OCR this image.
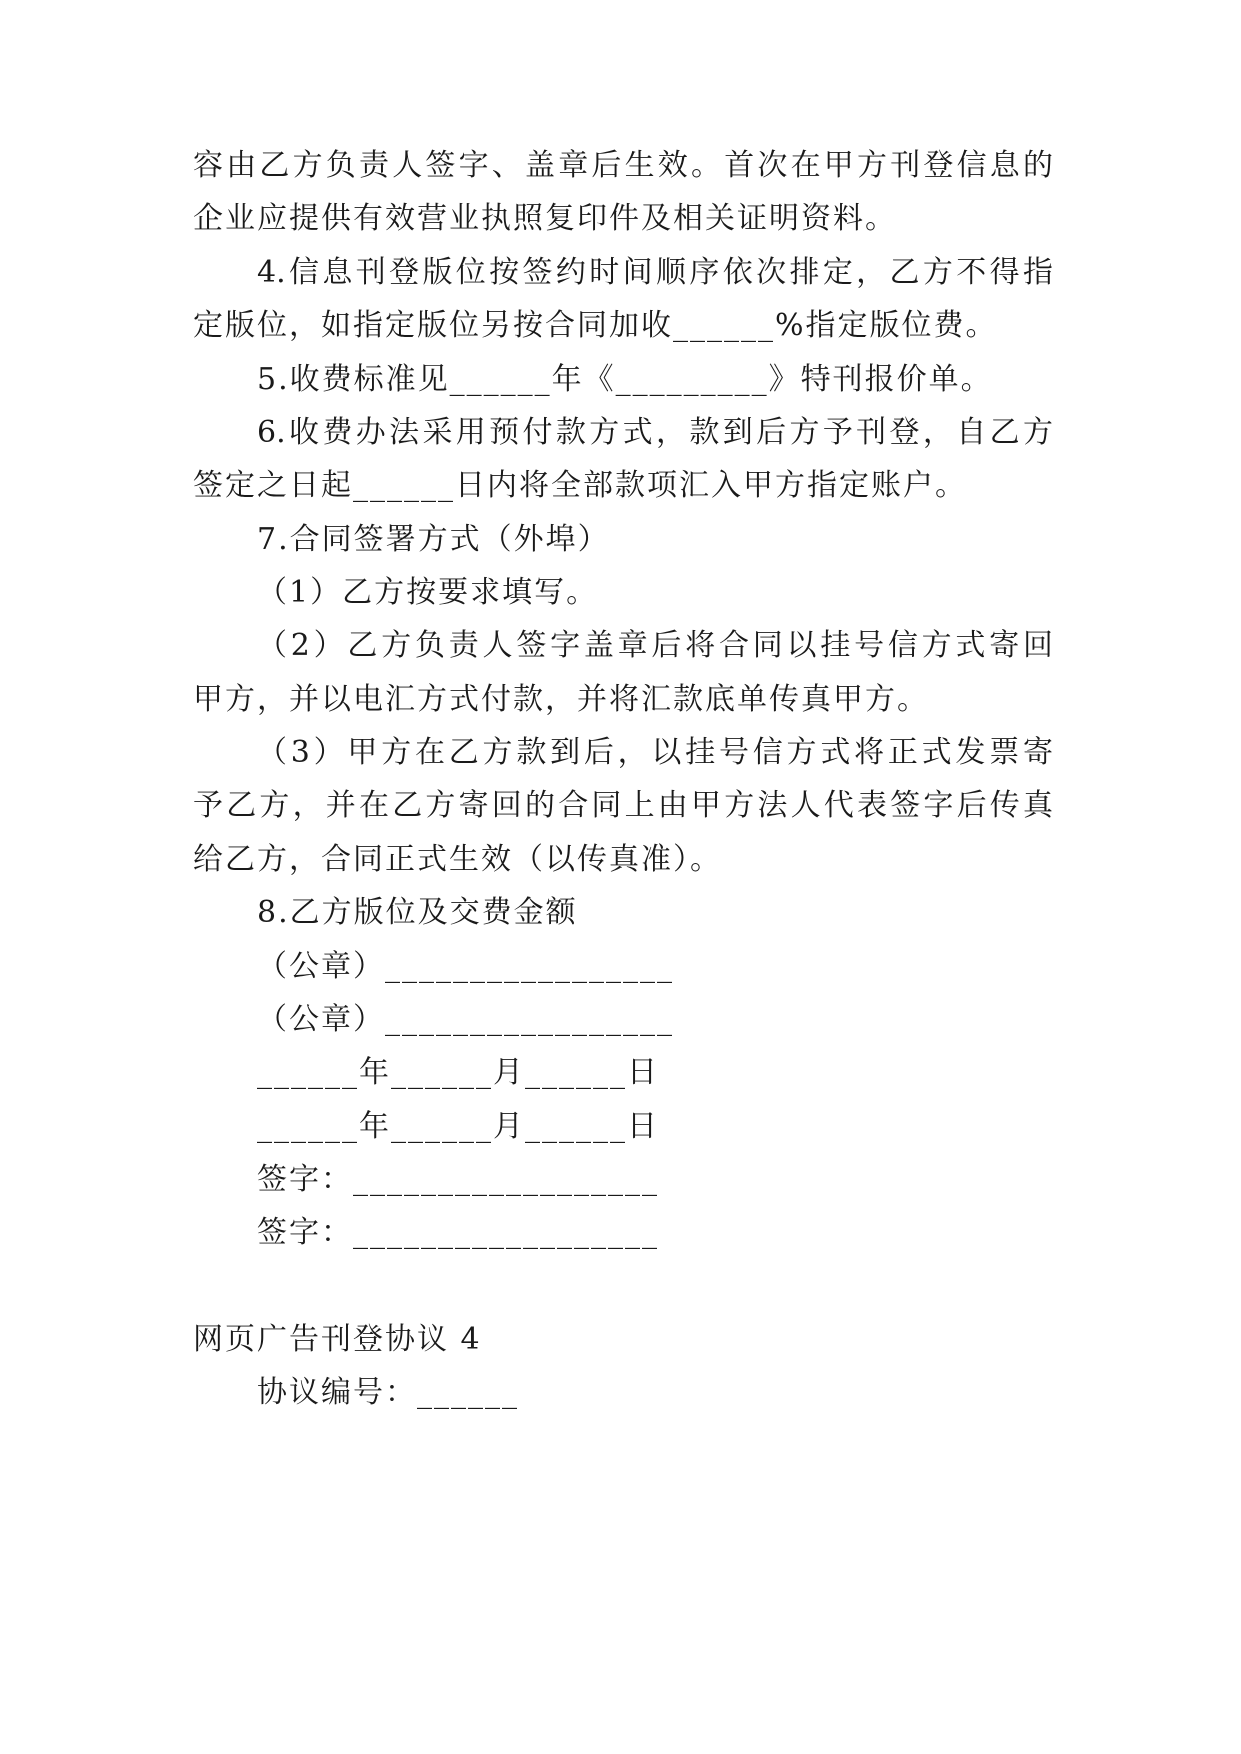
容由乙方负责人签字、盖章后生效。首次在甲方刊登信息的
企业应提供有效营业执照复印件及相关证明资料。
4.信息刊登版位按签约时间顺序依次排定，乙方不得指
定版位，如指定版位另按合同加收______%指定版位费。
5.收费标准见______年《_________》特刊报价单。
6.收费办法采用预付款方式，款到后方予刊登，自乙方
签定之日起______日内将全部款项汇入甲方指定账户。
7.合同签署方式（外埠）
（1）乙方按要求填写。
（2）乙方负责人签字盖章后将合同以挂号信方式寄回
甲方，并以电汇方式付款，并将汇款底单传真甲方。
（3）甲方在乙方款到后，以挂号信方式将正式发票寄
予乙方，并在乙方寄回的合同上由甲方法人代表签字后传真
给乙方，合同正式生效（以传真准）。
8.乙方版位及交费金额
（公章）_________________
（公章）_________________
______年______月______日
______年______月______日
签字：__________________
签字：__________________
网页广告刊登协议 4
协议编号：______
